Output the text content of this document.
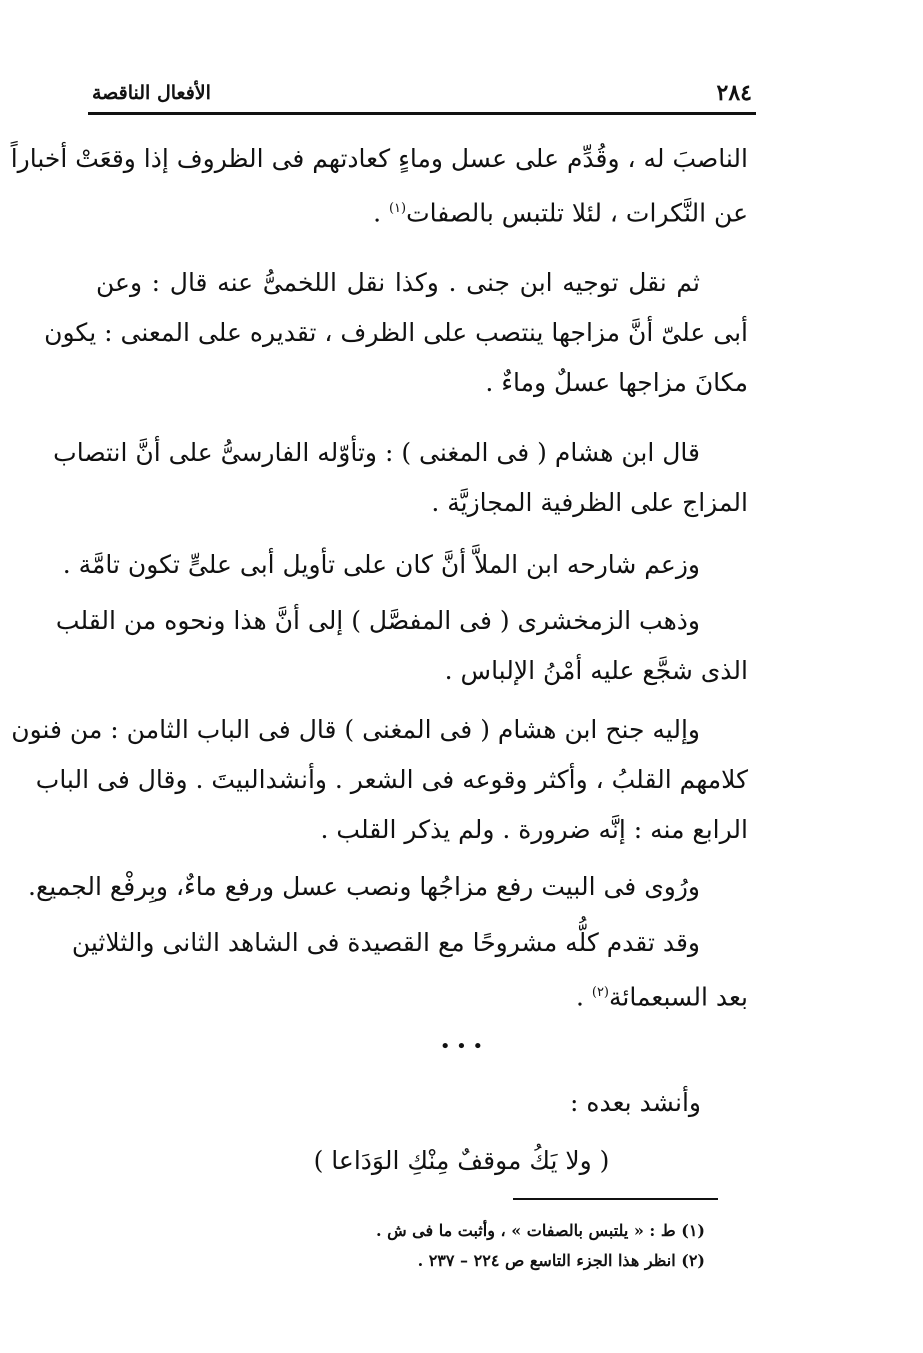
٢٨٤
الأفعال الناقصة
الناصبَ له ، وقُدِّم على عسل وماءٍ كعادتهم فى الظروف إذا وقعَتْ أخباراً
عن النَّكرات ، لئلا تلتبس بالصفات$^{(١)}$ .
ثم نقل توجيه ابن جنى . وكذا نقل اللخمىُّ عنه قال : وعن
أبى علىّ أنَّ مزاجها ينتصب على الظرف ، تقديره على المعنى : يكون
مكانَ مزاجها عسلٌ وماءٌ .
قال ابن هشام ( فى المغنى ) : وتأوّله الفارسىُّ على أنَّ انتصاب
المزاج على الظرفية المجازيَّة .
وزعم شارحه ابن الملاَّ أنَّ كان على تأويل أبى علىٍّ تكون تامَّة .
وذهب الزمخشرى ( فى المفصَّل ) إلى أنَّ هذا ونحوه من القلب
الذى شجَّع عليه أمْنُ الإلباس .
وإليه جنح ابن هشام ( فى المغنى ) قال فى الباب الثامن : من فنون
كلامهم القلبُ ، وأكثر وقوعه فى الشعر . وأنشدالبيتَ . وقال فى الباب
الرابع منه : إنَّه ضرورة . ولم يذكر القلب .
ورُوى فى البيت رفع مزاجُها ونصب عسل ورفع ماءٌ، وبِرفْع الجميع.
وقد تقدم كلُّه مشروحًا مع القصيدة فى الشاهد الثانى والثلاثين
بعد السبعمائة$^{(٢)}$ .
• • •
وأنشد بعده :
( ولا يَكُ موقفٌ مِنْكِ الوَدَاعا )
(١) ط : « يلتبس بالصفات » ، وأثبت ما فى ش .
(٢) انظر هذا الجزء التاسع ص ٢٢٤ – ٢٣٧ .
